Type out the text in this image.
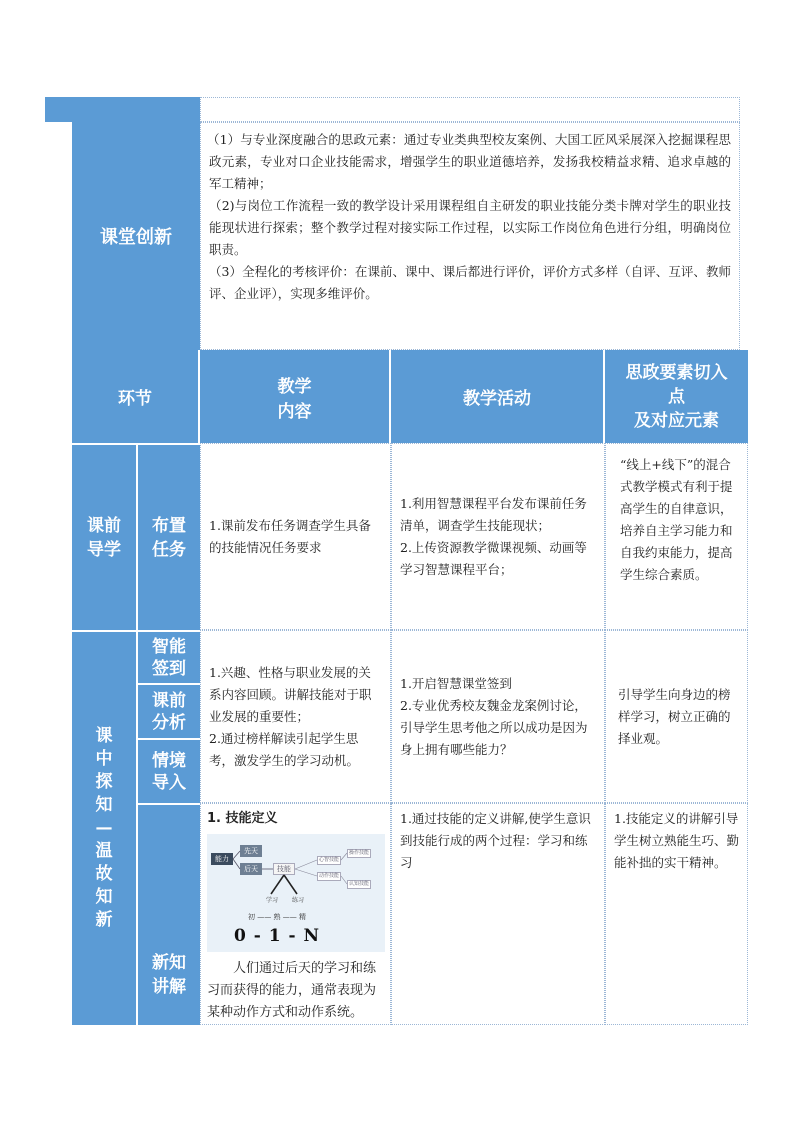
课堂创新
（1）与专业深度融合的思政元素：通过专业类典型校友案例、大国工匠风采展深入挖掘课程思政元素，专业对口企业技能需求，增强学生的职业道德培养，发扬我校精益求精、追求卓越的军工精神；
（2)与岗位工作流程一致的教学设计采用课程组自主研发的职业技能分类卡牌对学生的职业技能现状进行探索；整个教学过程对接实际工作过程，以实际工作岗位角色进行分组，明确岗位职责。
（3）全程化的考核评价：在课前、课中、课后都进行评价，评价方式多样（自评、互评、教师评、企业评），实现多维评价。
环节
教学
内容
教学活动
思政要素切入
点
及对应元素
课前
导学
布置
任务
1.课前发布任务调查学生具备的技能情况任务要求
1.利用智慧课程平台发布课前任务清单，调查学生技能现状；
2.上传资源教学微课视频、动画等学习智慧课程平台；
“线上+线下”的混合式教学模式有利于提高学生的自律意识，培养自主学习能力和自我约束能力，提高学生综合素质。
课
中
探
知
—
温
故
知
新
智能
签到
课前
分析
情境
导入
1.兴趣、性格与职业发展的关系内容回顾。讲解技能对于职业发展的重要性；
2.通过榜样解读引起学生思考，激发学生的学习动机。
1.开启智慧课堂签到
2.专业优秀校友魏金龙案例讨论，引导学生思考他之所以成功是因为身上拥有哪些能力？
引导学生向身边的榜样学习，树立正确的择业观。
新知
讲解
1. 技能定义
能力
先天
后天	技能
心智技能
动作技能
操作技能
认知技能
学习	练习
初 —— 熟 —— 精
0 - 1 - N
人们通过后天的学习和练习而获得的能力，通常表现为某种动作方式和动作系统。
1.通过技能的定义讲解,使学生意识到技能行成的两个过程：学习和练习
1.技能定义的讲解引导学生树立熟能生巧、勤能补拙的实干精神。
